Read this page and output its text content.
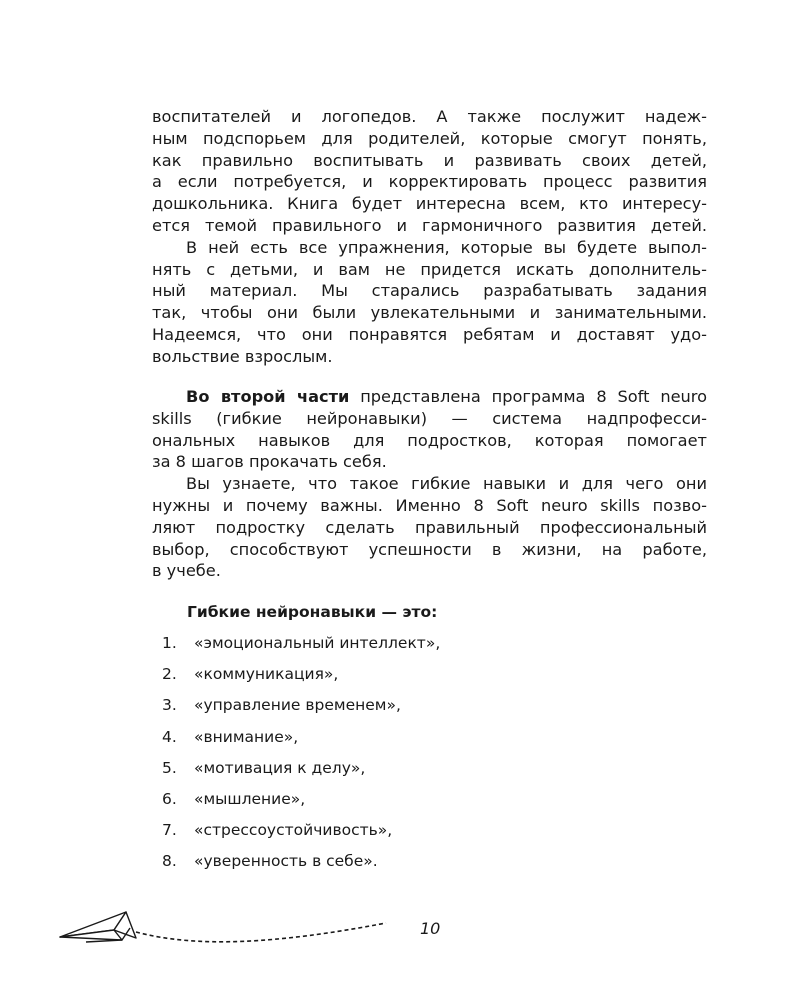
воспитателей и логопедов. А также послужит надеж-
ным подспорьем для родителей, которые смогут понять,
как правильно воспитывать и развивать своих детей,
а если потребуется, и корректировать процесс развития
дошкольника. Книга будет интересна всем, кто интересу-
ется темой правильного и гармоничного развития детей.
В ней есть все упражнения, которые вы будете выпол-
нять с детьми, и вам не придется искать дополнитель-
ный материал. Мы старались разрабатывать задания
так, чтобы они были увлекательными и занимательными.
Надеемся, что они понравятся ребятам и доставят удо-
вольствие взрослым.
Во второй части представлена программа 8 Soft neuro
skills (гибкие нейронавыки) — система надпрофесси-
ональных навыков для подростков, которая помогает
за 8 шагов прокачать себя.
Вы узнаете, что такое гибкие навыки и для чего они
нужны и почему важны. Именно 8 Soft neuro skills позво-
ляют подростку сделать правильный профессиональный
выбор, способствуют успешности в жизни, на работе,
в учебе.
Гибкие нейронавыки — это:
1.	«эмоциональный интеллект»,
2.	«коммуникация»,
3.	«управление временем»,
4.	«внимание»,
5.	«мотивация к делу»,
6.	«мышление»,
7.	«стрессоустойчивость»,
8.	«уверенность в себе».
10
